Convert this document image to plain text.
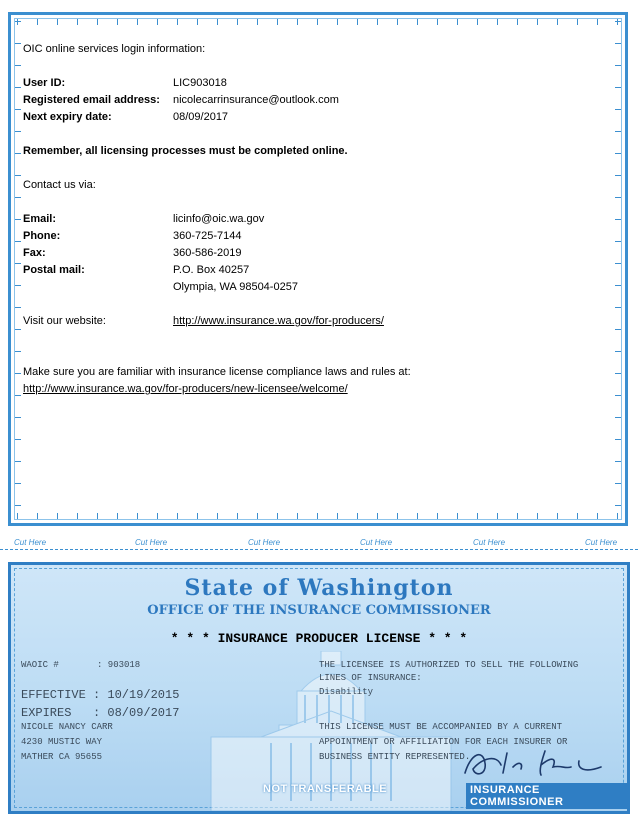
OIC online services login information:
User ID:	LIC903018
Registered email address:	nicolecarrinsurance@outlook.com
Next expiry date:	08/09/2017
Remember, all licensing processes must be completed online.
Contact us via:
Email:	licinfo@oic.wa.gov
Phone:	360-725-7144
Fax:	360-586-2019
Postal mail:	P.O. Box 40257
Olympia, WA 98504-0257
Visit our website:	http://www.insurance.wa.gov/for-producers/
Make sure you are familiar with insurance license compliance laws and rules at:
http://www.insurance.wa.gov/for-producers/new-licensee/welcome/
Cut Here	Cut Here	Cut Here	Cut Here	Cut Here	Cut Here
State of Washington
OFFICE OF THE INSURANCE COMMISSIONER
* * * INSURANCE PRODUCER LICENSE * * *
WAOIC #	: 903018
EFFECTIVE : 10/19/2015
EXPIRES : 08/09/2017
NICOLE NANCY CARR
4230 MUSTIC WAY
MATHER CA 95655
THE LICENSEE IS AUTHORIZED TO SELL THE FOLLOWING
LINES OF INSURANCE:
Disability
THIS LICENSE MUST BE ACCOMPANIED BY A CURRENT
APPOINTMENT OR AFFILIATION FOR EACH INSURER OR
BUSINESS ENTITY REPRESENTED.
NOT TRANSFERABLE	INSURANCE COMMISSIONER
